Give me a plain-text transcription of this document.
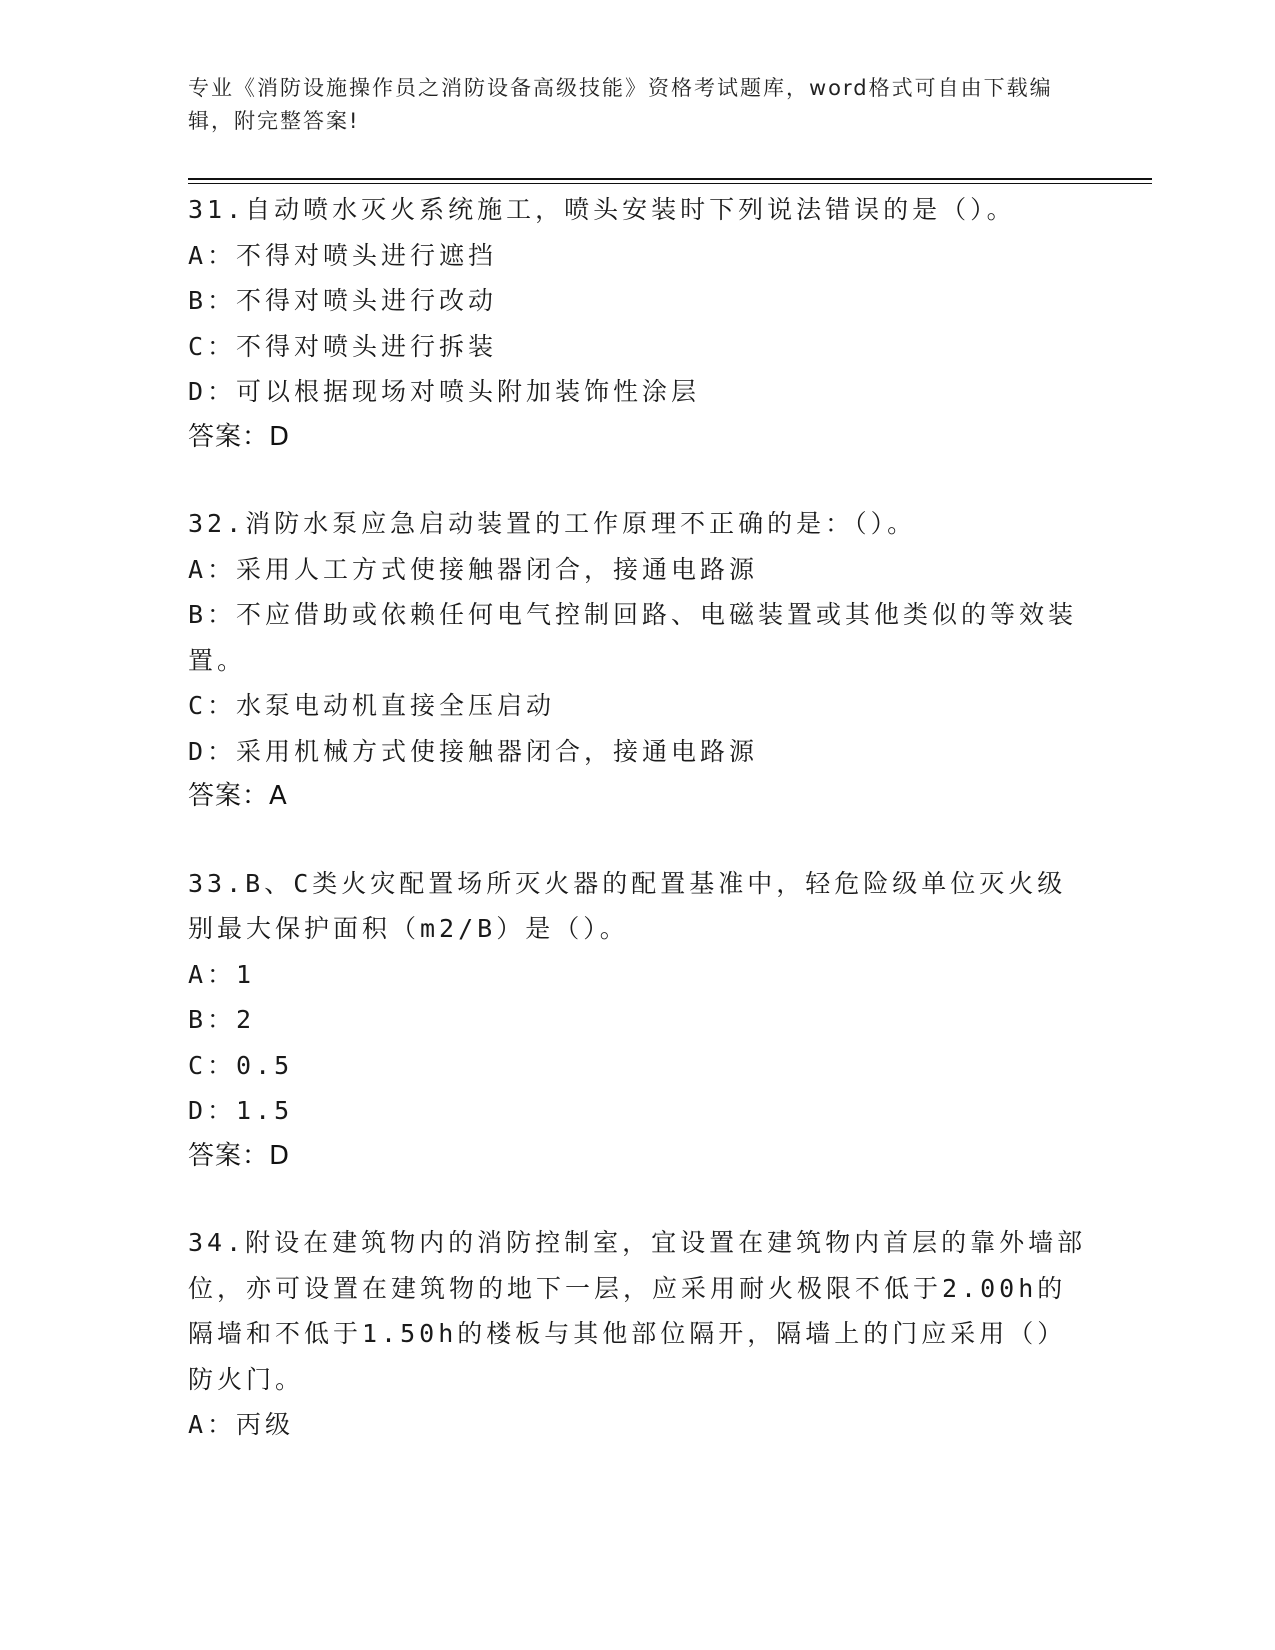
专业《消防设施操作员之消防设备高级技能》资格考试题库，word格式可自由下载编辑，附完整答案!
31.自动喷水灭火系统施工，喷头安装时下列说法错误的是（）。
A：不得对喷头进行遮挡
B：不得对喷头进行改动
C：不得对喷头进行拆装
D：可以根据现场对喷头附加装饰性涂层
答案：D
32.消防水泵应急启动装置的工作原理不正确的是：（）。
A：采用人工方式使接触器闭合，接通电路源
B：不应借助或依赖任何电气控制回路、电磁装置或其他类似的等效装置。
C：水泵电动机直接全压启动
D：采用机械方式使接触器闭合，接通电路源
答案：A
33.B、C类火灾配置场所灭火器的配置基准中，轻危险级单位灭火级别最大保护面积（m2/B）是（）。
A：1
B：2
C：0.5
D：1.5
答案：D
34.附设在建筑物内的消防控制室，宜设置在建筑物内首层的靠外墙部位，亦可设置在建筑物的地下一层，应采用耐火极限不低于2.00h的隔墙和不低于1.50h的楼板与其他部位隔开，隔墙上的门应采用（）防火门。
A：丙级
